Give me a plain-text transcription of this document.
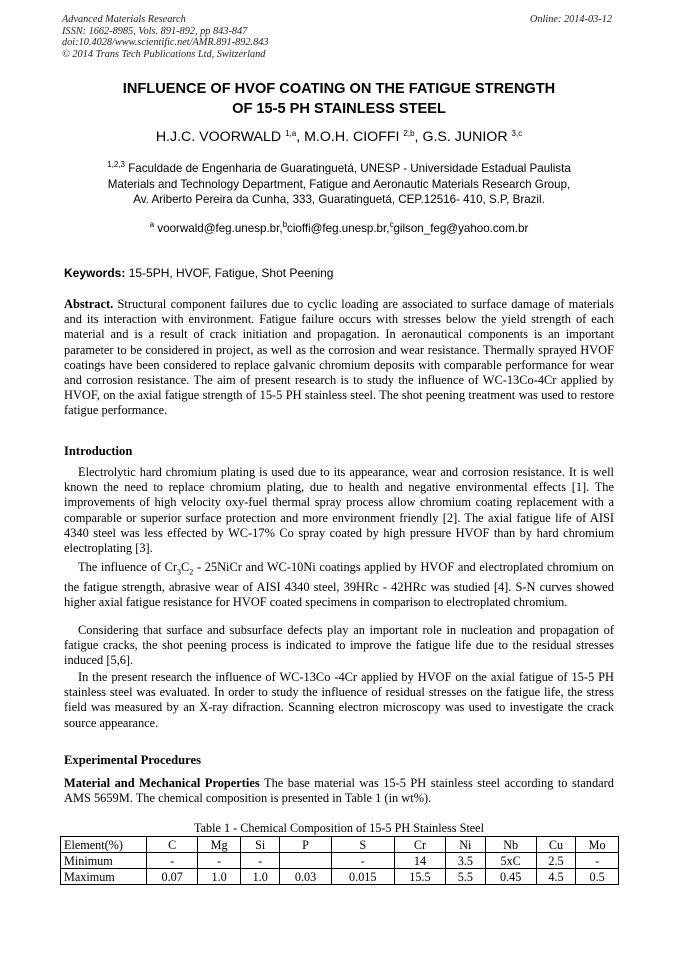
Advanced Materials Research
ISSN: 1662-8985, Vols. 891-892, pp 843-847
doi:10.4028/www.scientific.net/AMR.891-892.843
© 2014 Trans Tech Publications Ltd, Switzerland
Online: 2014-03-12
INFLUENCE OF HVOF COATING ON THE FATIGUE STRENGTH
OF 15-5 PH STAINLESS STEEL
H.J.C. VOORWALD $^{1,a}$, M.O.H. CIOFFI $^{2,b}$, G.S. JUNIOR $^{3,c}$
$^{1,2,3}$ Faculdade de Engenharia de Guaratinguetá, UNESP - Universidade Estadual Paulista
Materials and Technology Department, Fatigue and Aeronautic Materials Research Group,
Av. Ariberto Pereira da Cunha, 333, Guaratinguetá, CEP.12516- 410, S.P, Brazil.
$^a$ voorwald@feg.unesp.br,$^b$cioffi@feg.unesp.br,$^c$gilson_feg@yahoo.com.br
Keywords: 15-5PH, HVOF, Fatigue, Shot Peening
Abstract. Structural component failures due to cyclic loading are associated to surface damage of materials and its interaction with environment. Fatigue failure occurs with stresses below the yield strength of each material and is a result of crack initiation and propagation. In aeronautical components is an important parameter to be considered in project, as well as the corrosion and wear resistance. Thermally sprayed HVOF coatings have been considered to replace galvanic chromium deposits with comparable performance for wear and corrosion resistance. The aim of present research is to study the influence of WC-13Co-4Cr applied by HVOF, on the axial fatigue strength of 15-5 PH stainless steel. The shot peening treatment was used to restore fatigue performance.
Introduction
Electrolytic hard chromium plating is used due to its appearance, wear and corrosion resistance. It is well known the need to replace chromium plating, due to health and negative environmental effects [1]. The improvements of high velocity oxy-fuel thermal spray process allow chromium coating replacement with a comparable or superior surface protection and more environment friendly [2]. The axial fatigue life of AISI 4340 steel was less effected by WC-17% Co spray coated by high pressure HVOF than by hard chromium electroplating [3].
The influence of $Cr_3C_2$ - 25NiCr and WC-10Ni coatings applied by HVOF and electroplated chromium on the fatigue strength, abrasive wear of AISI 4340 steel, 39HRc - 42HRc was studied [4]. S-N curves showed higher axial fatigue resistance for HVOF coated specimens in comparison to electroplated chromium.
Considering that surface and subsurface defects play an important role in nucleation and propagation of fatigue cracks, the shot peening process is indicated to improve the fatigue life due to the residual stresses induced [5,6].
In the present research the influence of WC-13Co -4Cr applied by HVOF on the axial fatigue of 15-5 PH stainless steel was evaluated. In order to study the influence of residual stresses on the fatigue life, the stress field was measured by an X-ray difraction. Scanning electron microscopy was used to investigate the crack source appearance.
Experimental Procedures
Material and Mechanical Properties The base material was 15-5 PH stainless steel according to standard AMS 5659M. The chemical composition is presented in Table 1 (in wt%).
Table 1 - Chemical Composition of 15-5 PH Stainless Steel
Element(%)	C	Mg	Si	P	S	Cr	Ni	Nb	Cu	Mo
Minimum	-	-	-		-	14	3.5	5xC	2.5	-
Maximum	0.07	1.0	1.0	0.03	0.015	15.5	5.5	0.45	4.5	0.5
